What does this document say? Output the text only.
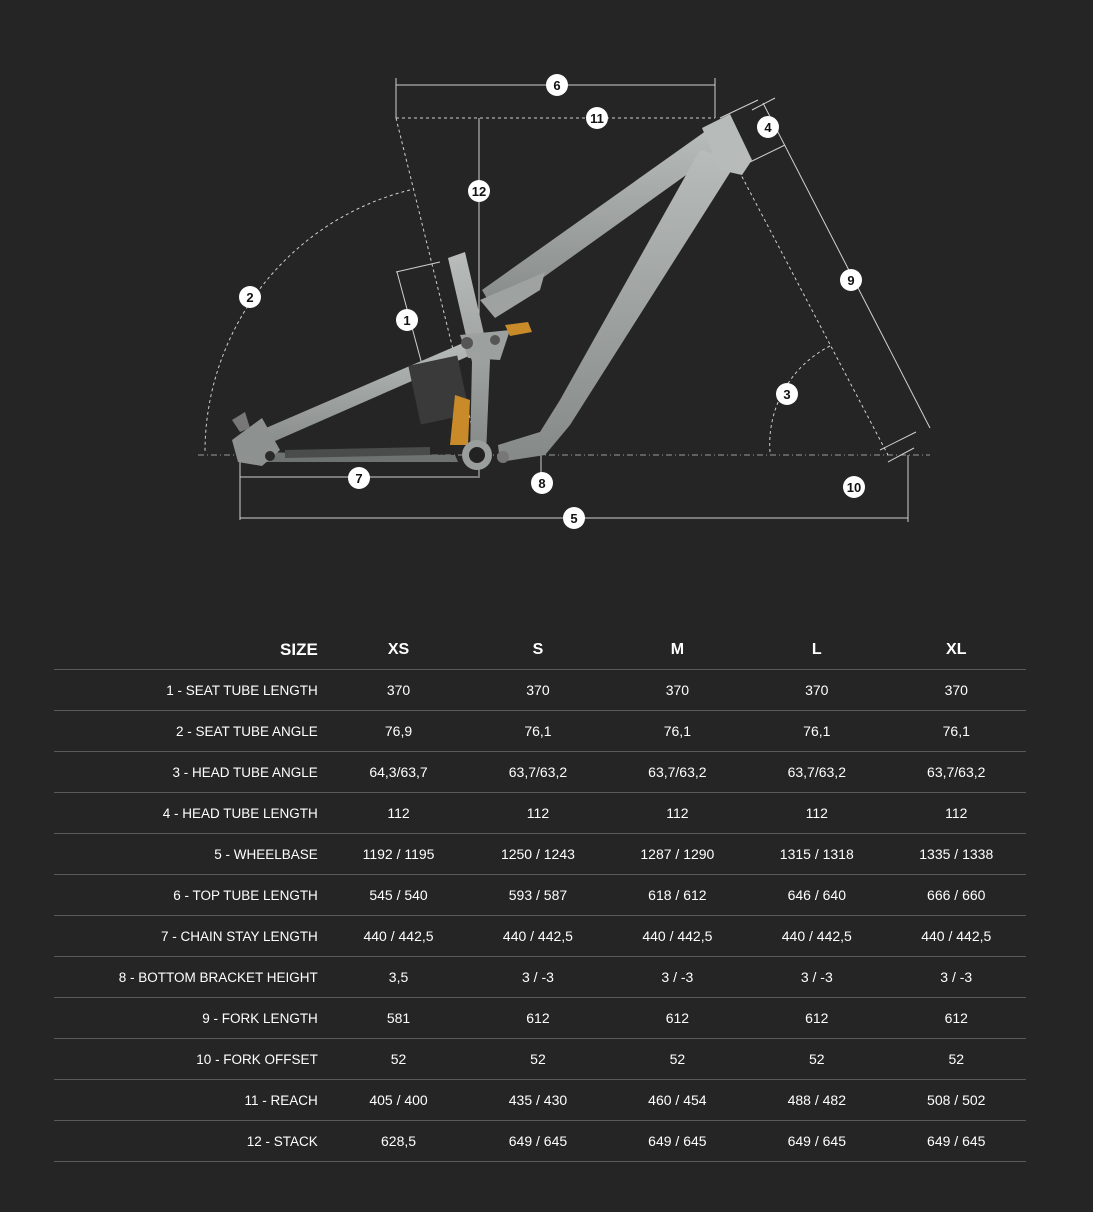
1
2
3
4
5
6
7	8
9
10
11
12
SIZE	XS	S	M	L	XL
1 - SEAT TUBE LENGTH	370	370	370	370	370
2 - SEAT TUBE ANGLE	76,9	76,1	76,1	76,1	76,1
3 - HEAD TUBE ANGLE	64,3/63,7	63,7/63,2	63,7/63,2	63,7/63,2	63,7/63,2
4 - HEAD TUBE LENGTH	112	112	112	112	112
5 - WHEELBASE	1192 / 1195	1250 / 1243	1287 / 1290	1315 / 1318	1335 / 1338
6 - TOP TUBE LENGTH	545 / 540	593 / 587	618 / 612	646 / 640	666 / 660
7 - CHAIN STAY LENGTH	440 / 442,5	440 / 442,5	440 / 442,5	440 / 442,5	440 / 442,5
8 - BOTTOM BRACKET HEIGHT	3,5	3 / -3	3 / -3	3 / -3	3 / -3
9 - FORK LENGTH	581	612	612	612	612
10 - FORK OFFSET	52	52	52	52	52
11 - REACH	405 / 400	435 / 430	460 / 454	488 / 482	508 / 502
12 - STACK	628,5	649 / 645	649 / 645	649 / 645	649 / 645
